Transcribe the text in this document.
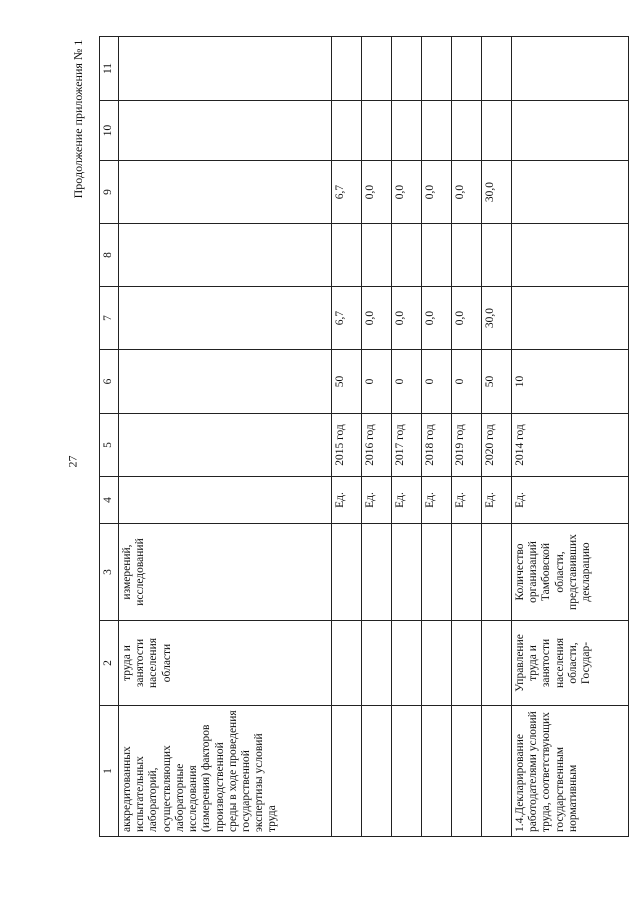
27
Продолжение приложения № 1
1	2	3	4	5	6	7	8	9	10	11
аккредитованных испытательных лабораторий, осуществляющих лабораторные исследования (измерения) факторов производственной среды в ходе проведения государственной экспертизы условий труда	труда и занятости населения области	измерений, исследований								
			Ед.	2015 год	50	6,7		6,7		
			Ед.	2016 год	0	0,0		0,0		
			Ед.	2017 год	0	0,0		0,0		
			Ед.	2018 год	0	0,0		0,0		
			Ед.	2019 год	0	0,0		0,0		
			Ед.	2020 год	50	30,0		30,0		
1.4.Декларирование работодателями условий труда, соответствующих государственным нормативным	Управление труда и занятости населения области, Государ-	Количество организаций Тамбовской области, представивших декларацию	Ед.	2014 год	10					
